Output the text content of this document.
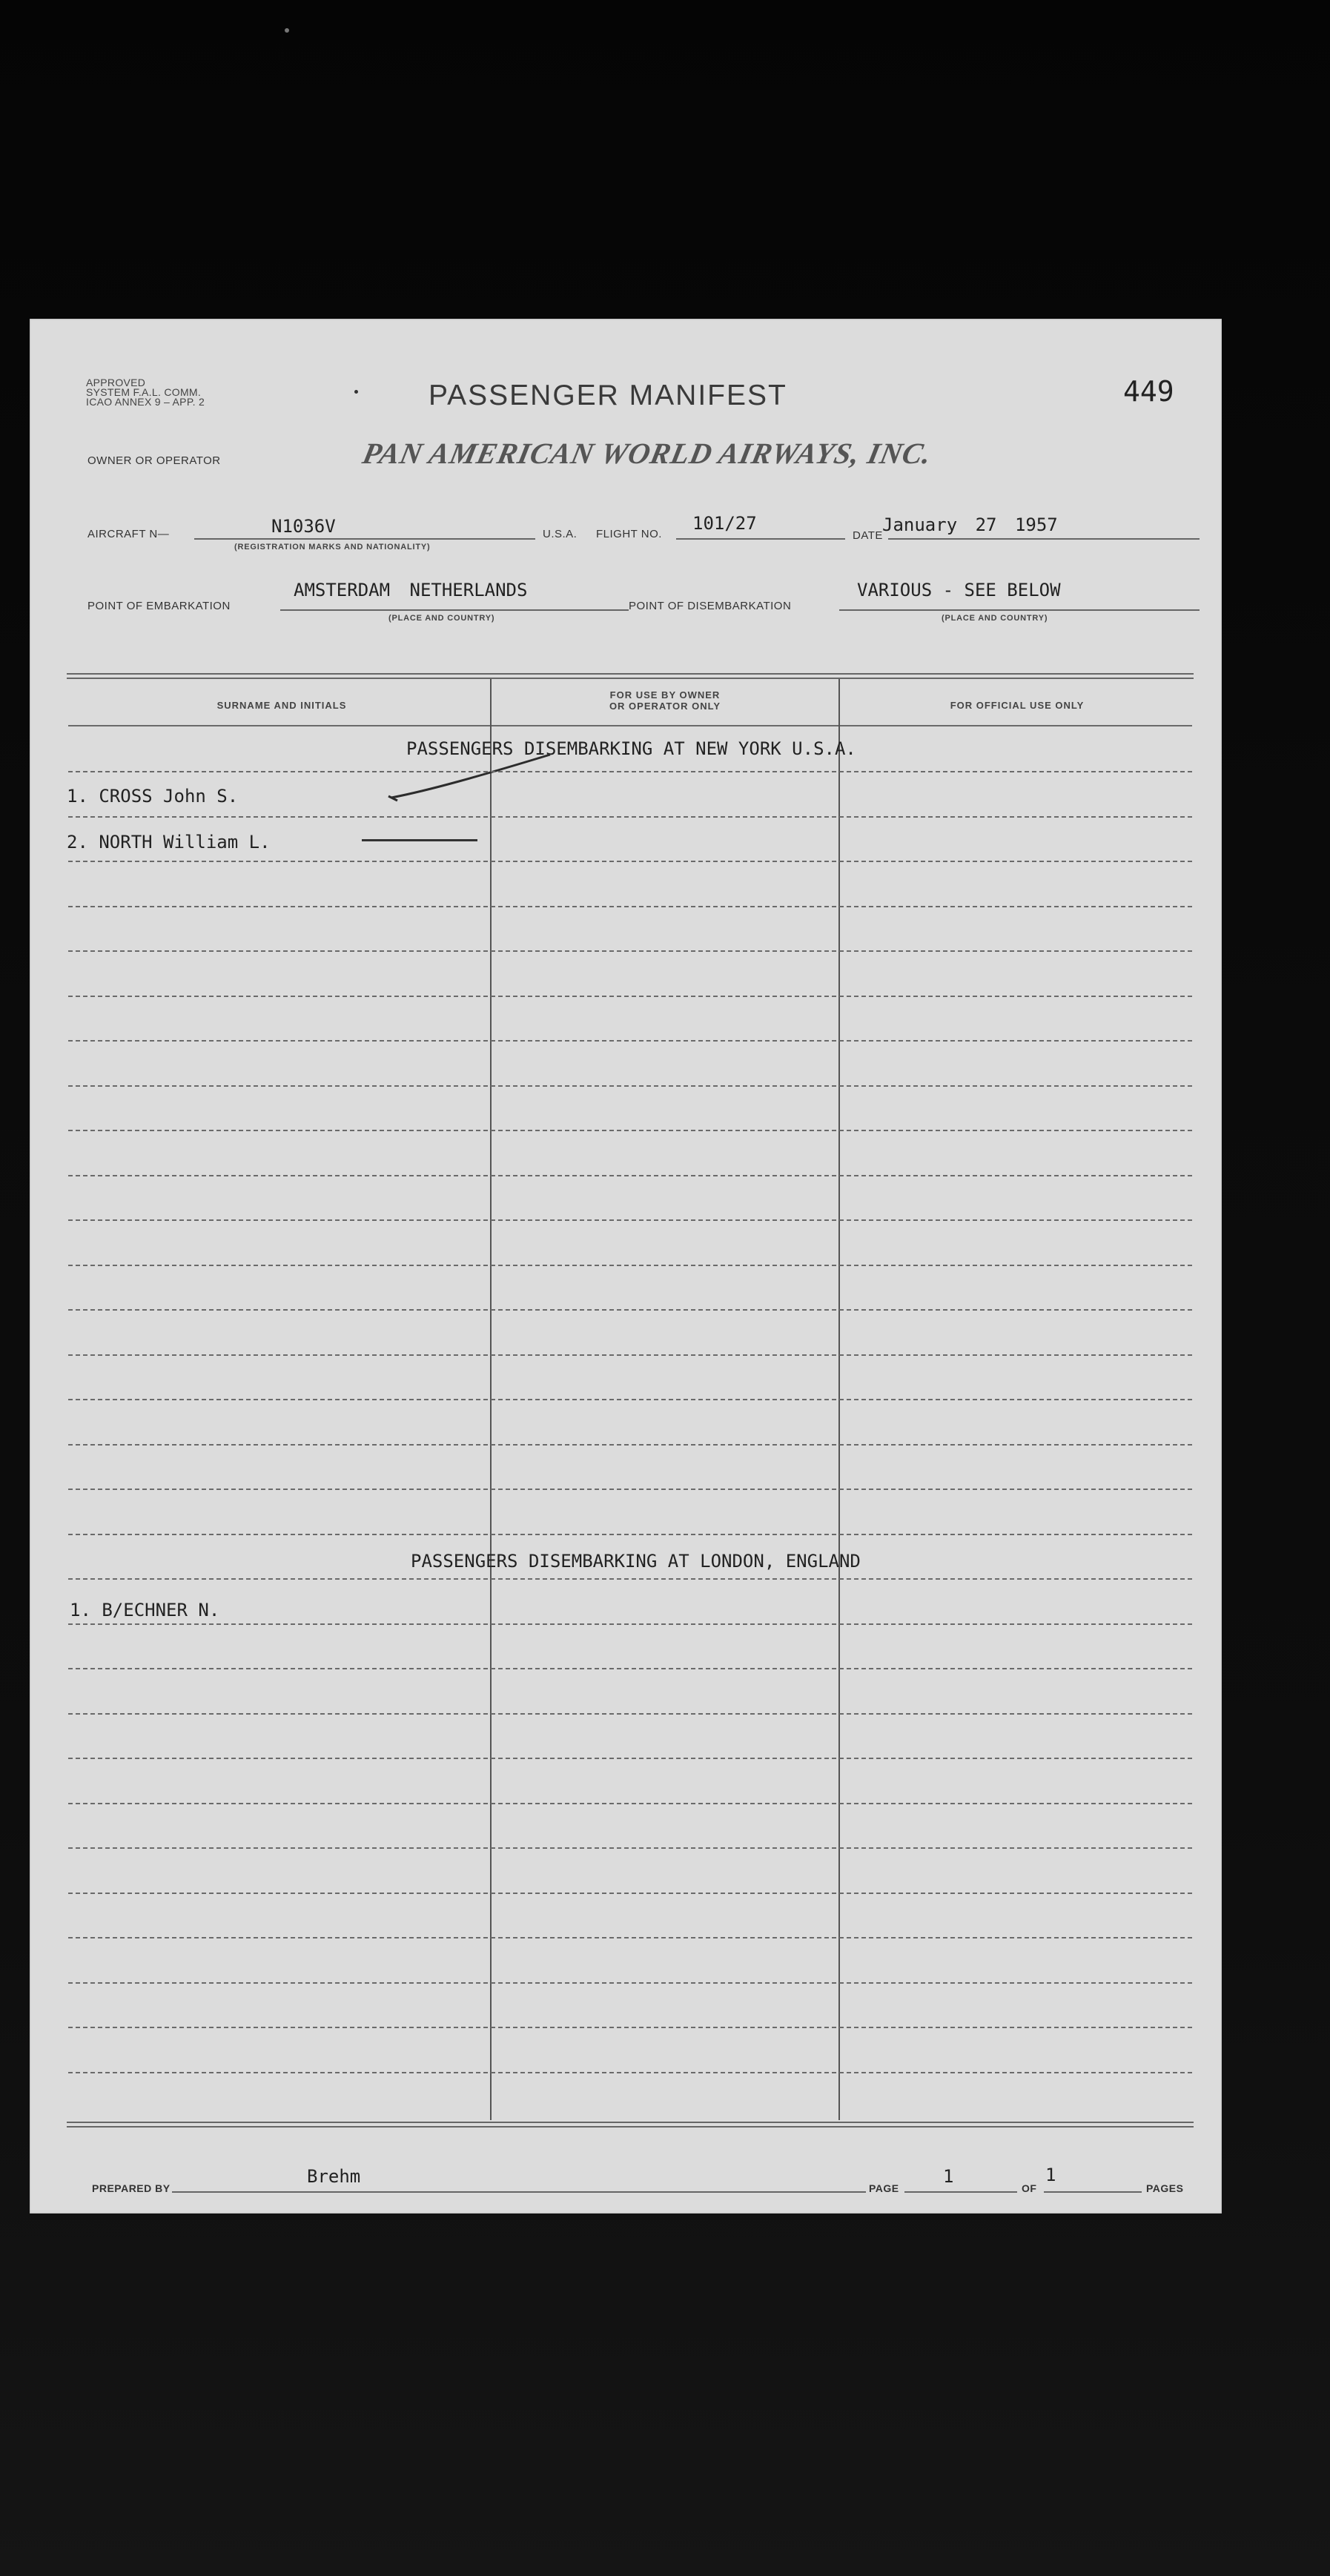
APPROVED
SYSTEM F.A.L. COMM.
ICAO ANNEX 9 – APP. 2	PASSENGER MANIFEST	449
OWNER OR OPERATOR	PAN AMERICAN WORLD AIRWAYS, INC.
AIRCRAFT N—	N1036V
(REGISTRATION MARKS AND NATIONALITY)
U.S.A. FLIGHT NO.
101/27
DATE
January 27 1957
POINT OF EMBARKATION
AMSTERDAM NETHERLANDS
(PLACE AND COUNTRY)
POINT OF DISEMBARKATION
VARIOUS - SEE BELOW
(PLACE AND COUNTRY)
SURNAME AND INITIALS
FOR USE BY OWNER
OR OPERATOR ONLY	FOR OFFICIAL USE ONLY
PASSENGERS DISEMBARKING AT NEW YORK U.S.A.
1. CROSS John S.
2. NORTH William L.
PASSENGERS DISEMBARKING AT LONDON, ENGLAND
1. B/ECHNER N.
PREPARED BY
Brehm
PAGE
1
OF
1
PAGES
